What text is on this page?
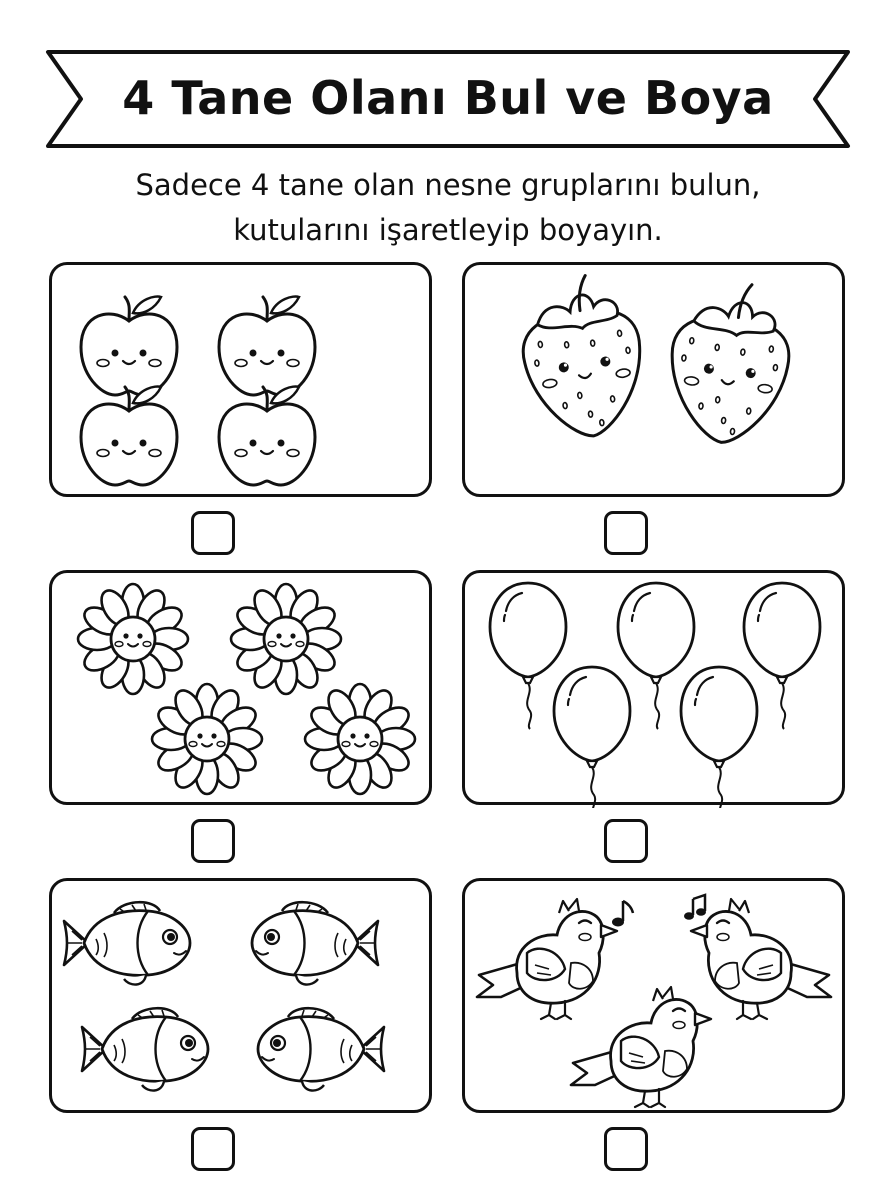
4 Tane Olanı Bul ve Boya
Sadece 4 tane olan nesne gruplarını bulun,
kutularını işaretleyip boyayın.
